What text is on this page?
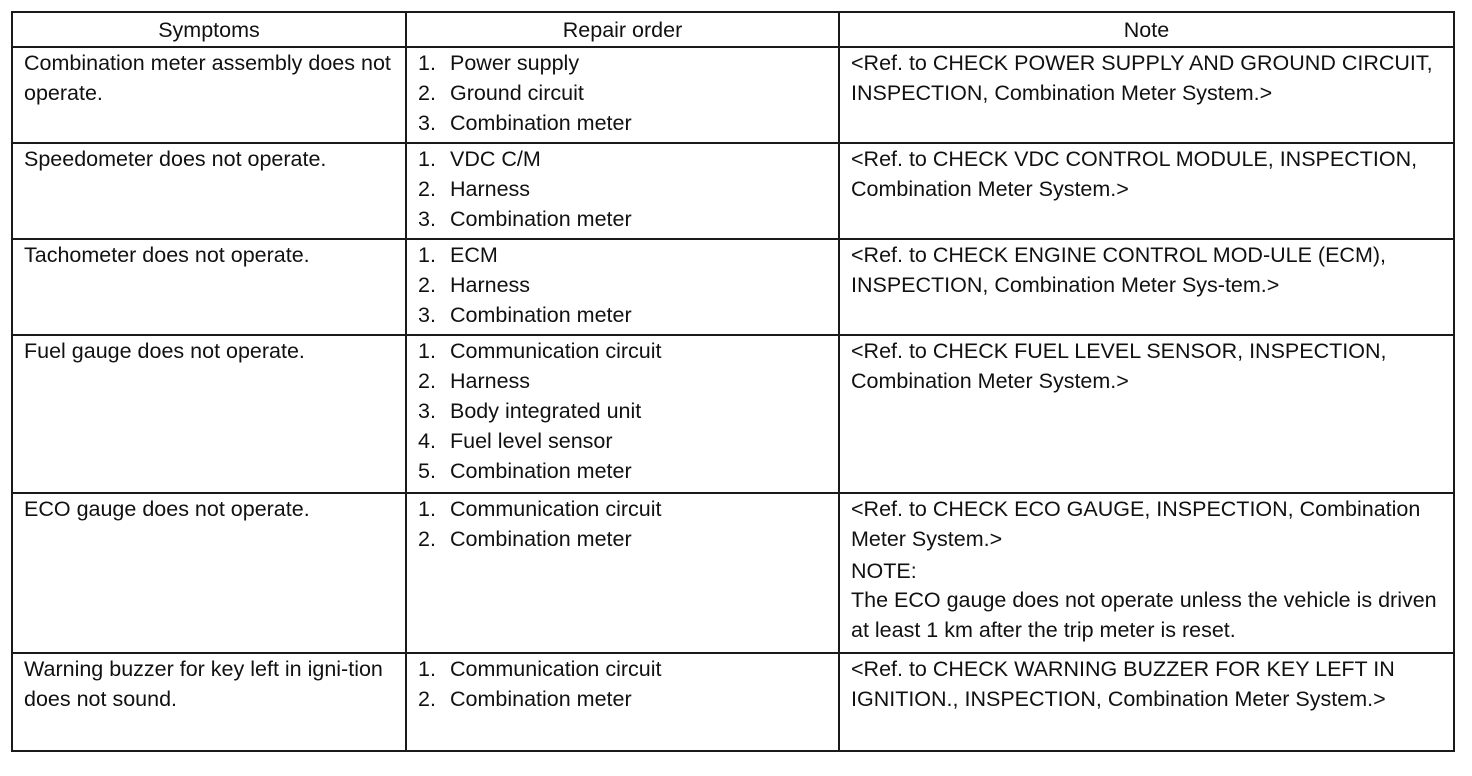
Symptoms	Repair order	Note
Combination meter assembly does not operate.	1. Power supply
2. Ground circuit
3. Combination meter	<Ref. to CHECK POWER SUPPLY AND GROUND CIRCUIT, INSPECTION, Combination Meter System.>
Speedometer does not operate.	1. VDC C/M
2. Harness
3. Combination meter	<Ref. to CHECK VDC CONTROL MODULE, INSPECTION, Combination Meter System.>
Tachometer does not operate.	1. ECM
2. Harness
3. Combination meter	<Ref. to CHECK ENGINE CONTROL MOD-ULE (ECM), INSPECTION, Combination Meter Sys-tem.>
Fuel gauge does not operate.	1. Communication circuit
2. Harness
3. Body integrated unit
4. Fuel level sensor
5. Combination meter	<Ref. to CHECK FUEL LEVEL SENSOR, INSPECTION, Combination Meter System.>
ECO gauge does not operate.	1. Communication circuit
2. Combination meter	<Ref. to CHECK ECO GAUGE, INSPECTION, Combination Meter System.>
NOTE:
The ECO gauge does not operate unless the vehicle is driven at least 1 km after the trip meter is reset.

Warning buzzer for key left in igni-tion does not sound.	1. Communication circuit
2. Combination meter	<Ref. to CHECK WARNING BUZZER FOR KEY LEFT IN IGNITION., INSPECTION, Combination Meter System.>
